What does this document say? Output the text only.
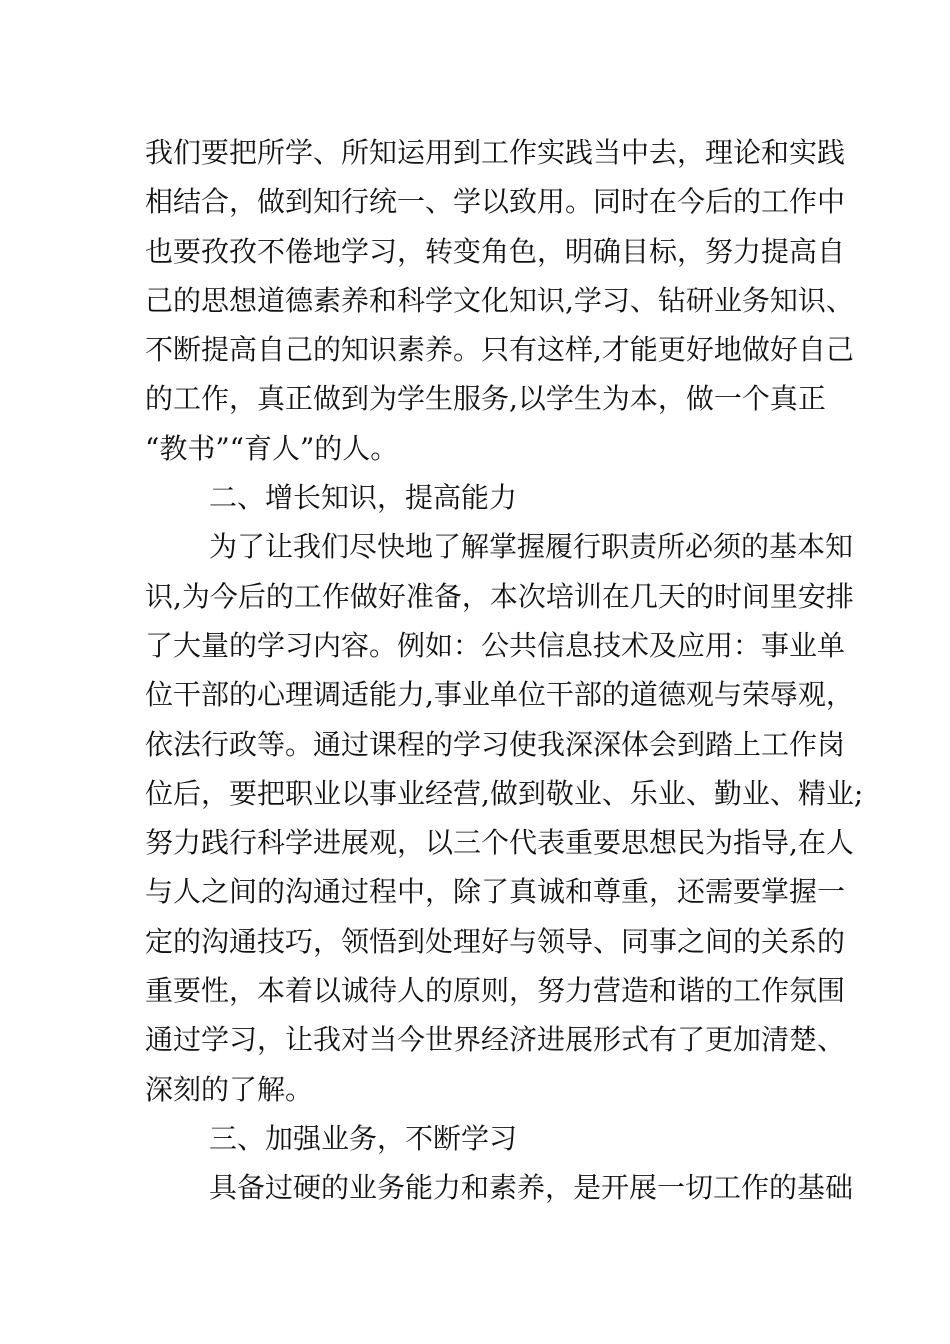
我们要把所学、所知运用到工作实践当中去，理论和实践
相结合，做到知行统一、学以致用。同时在今后的工作中
也要孜孜不倦地学习，转变角色，明确目标，努力提高自
己的思想道德素养和科学文化知识,学习、钻研业务知识、
不断提高自己的知识素养。只有这样,才能更好地做好自己
的工作，真正做到为学生服务,以学生为本，做一个真正
“教书”“育人”的人。
二、增长知识，提高能力
为了让我们尽快地了解掌握履行职责所必须的基本知
识,为今后的工作做好准备，本次培训在几天的时间里安排
了大量的学习内容。例如：公共信息技术及应用：事业单
位干部的心理调适能力,事业单位干部的道德观与荣辱观，
依法行政等。通过课程的学习使我深深体会到踏上工作岗
位后，要把职业以事业经营,做到敬业、乐业、勤业、精业;
努力践行科学进展观，以三个代表重要思想民为指导,在人
与人之间的沟通过程中，除了真诚和尊重，还需要掌握一
定的沟通技巧，领悟到处理好与领导、同事之间的关系的
重要性，本着以诚待人的原则，努力营造和谐的工作氛围
通过学习，让我对当今世界经济进展形式有了更加清楚、
深刻的了解。
三、加强业务，不断学习
具备过硬的业务能力和素养，是开展一切工作的基础
